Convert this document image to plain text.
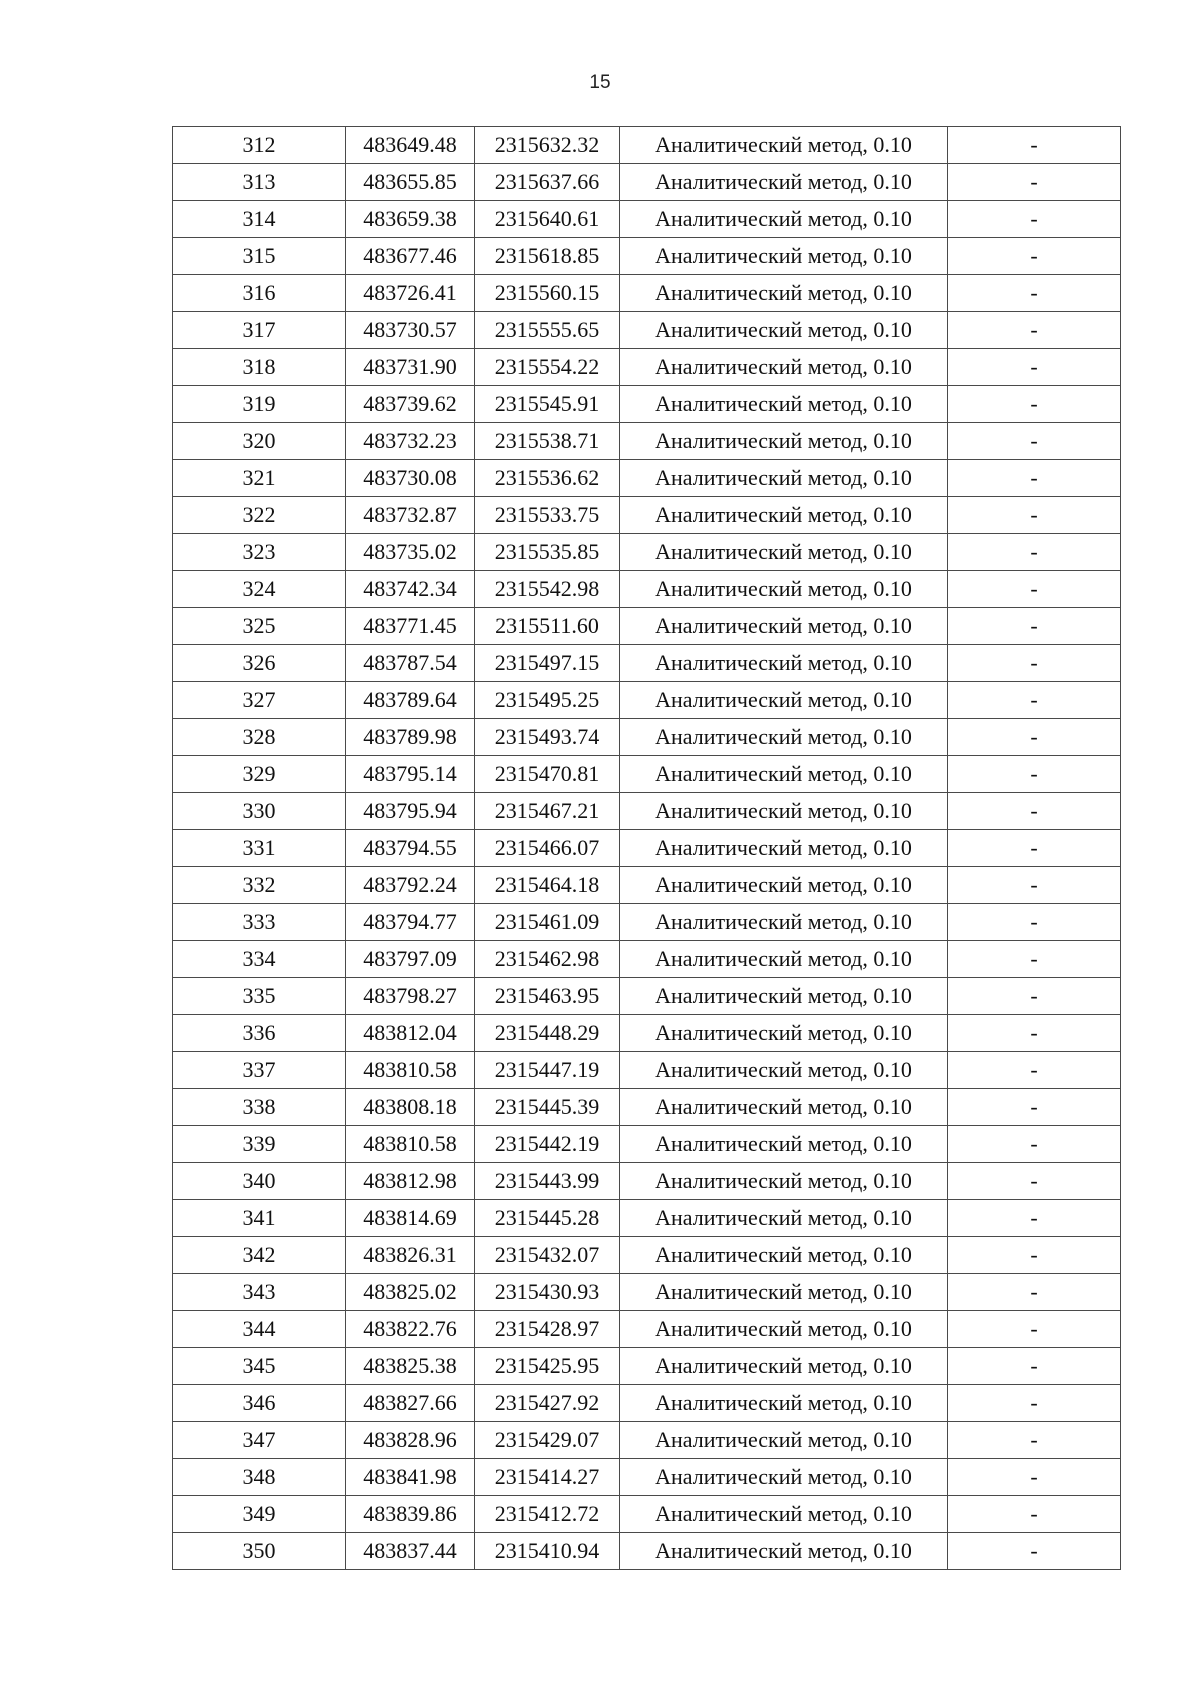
15
312	483649.48	2315632.32	Аналитический метод, 0.10	-
313	483655.85	2315637.66	Аналитический метод, 0.10	-
314	483659.38	2315640.61	Аналитический метод, 0.10	-
315	483677.46	2315618.85	Аналитический метод, 0.10	-
316	483726.41	2315560.15	Аналитический метод, 0.10	-
317	483730.57	2315555.65	Аналитический метод, 0.10	-
318	483731.90	2315554.22	Аналитический метод, 0.10	-
319	483739.62	2315545.91	Аналитический метод, 0.10	-
320	483732.23	2315538.71	Аналитический метод, 0.10	-
321	483730.08	2315536.62	Аналитический метод, 0.10	-
322	483732.87	2315533.75	Аналитический метод, 0.10	-
323	483735.02	2315535.85	Аналитический метод, 0.10	-
324	483742.34	2315542.98	Аналитический метод, 0.10	-
325	483771.45	2315511.60	Аналитический метод, 0.10	-
326	483787.54	2315497.15	Аналитический метод, 0.10	-
327	483789.64	2315495.25	Аналитический метод, 0.10	-
328	483789.98	2315493.74	Аналитический метод, 0.10	-
329	483795.14	2315470.81	Аналитический метод, 0.10	-
330	483795.94	2315467.21	Аналитический метод, 0.10	-
331	483794.55	2315466.07	Аналитический метод, 0.10	-
332	483792.24	2315464.18	Аналитический метод, 0.10	-
333	483794.77	2315461.09	Аналитический метод, 0.10	-
334	483797.09	2315462.98	Аналитический метод, 0.10	-
335	483798.27	2315463.95	Аналитический метод, 0.10	-
336	483812.04	2315448.29	Аналитический метод, 0.10	-
337	483810.58	2315447.19	Аналитический метод, 0.10	-
338	483808.18	2315445.39	Аналитический метод, 0.10	-
339	483810.58	2315442.19	Аналитический метод, 0.10	-
340	483812.98	2315443.99	Аналитический метод, 0.10	-
341	483814.69	2315445.28	Аналитический метод, 0.10	-
342	483826.31	2315432.07	Аналитический метод, 0.10	-
343	483825.02	2315430.93	Аналитический метод, 0.10	-
344	483822.76	2315428.97	Аналитический метод, 0.10	-
345	483825.38	2315425.95	Аналитический метод, 0.10	-
346	483827.66	2315427.92	Аналитический метод, 0.10	-
347	483828.96	2315429.07	Аналитический метод, 0.10	-
348	483841.98	2315414.27	Аналитический метод, 0.10	-
349	483839.86	2315412.72	Аналитический метод, 0.10	-
350	483837.44	2315410.94	Аналитический метод, 0.10	-
